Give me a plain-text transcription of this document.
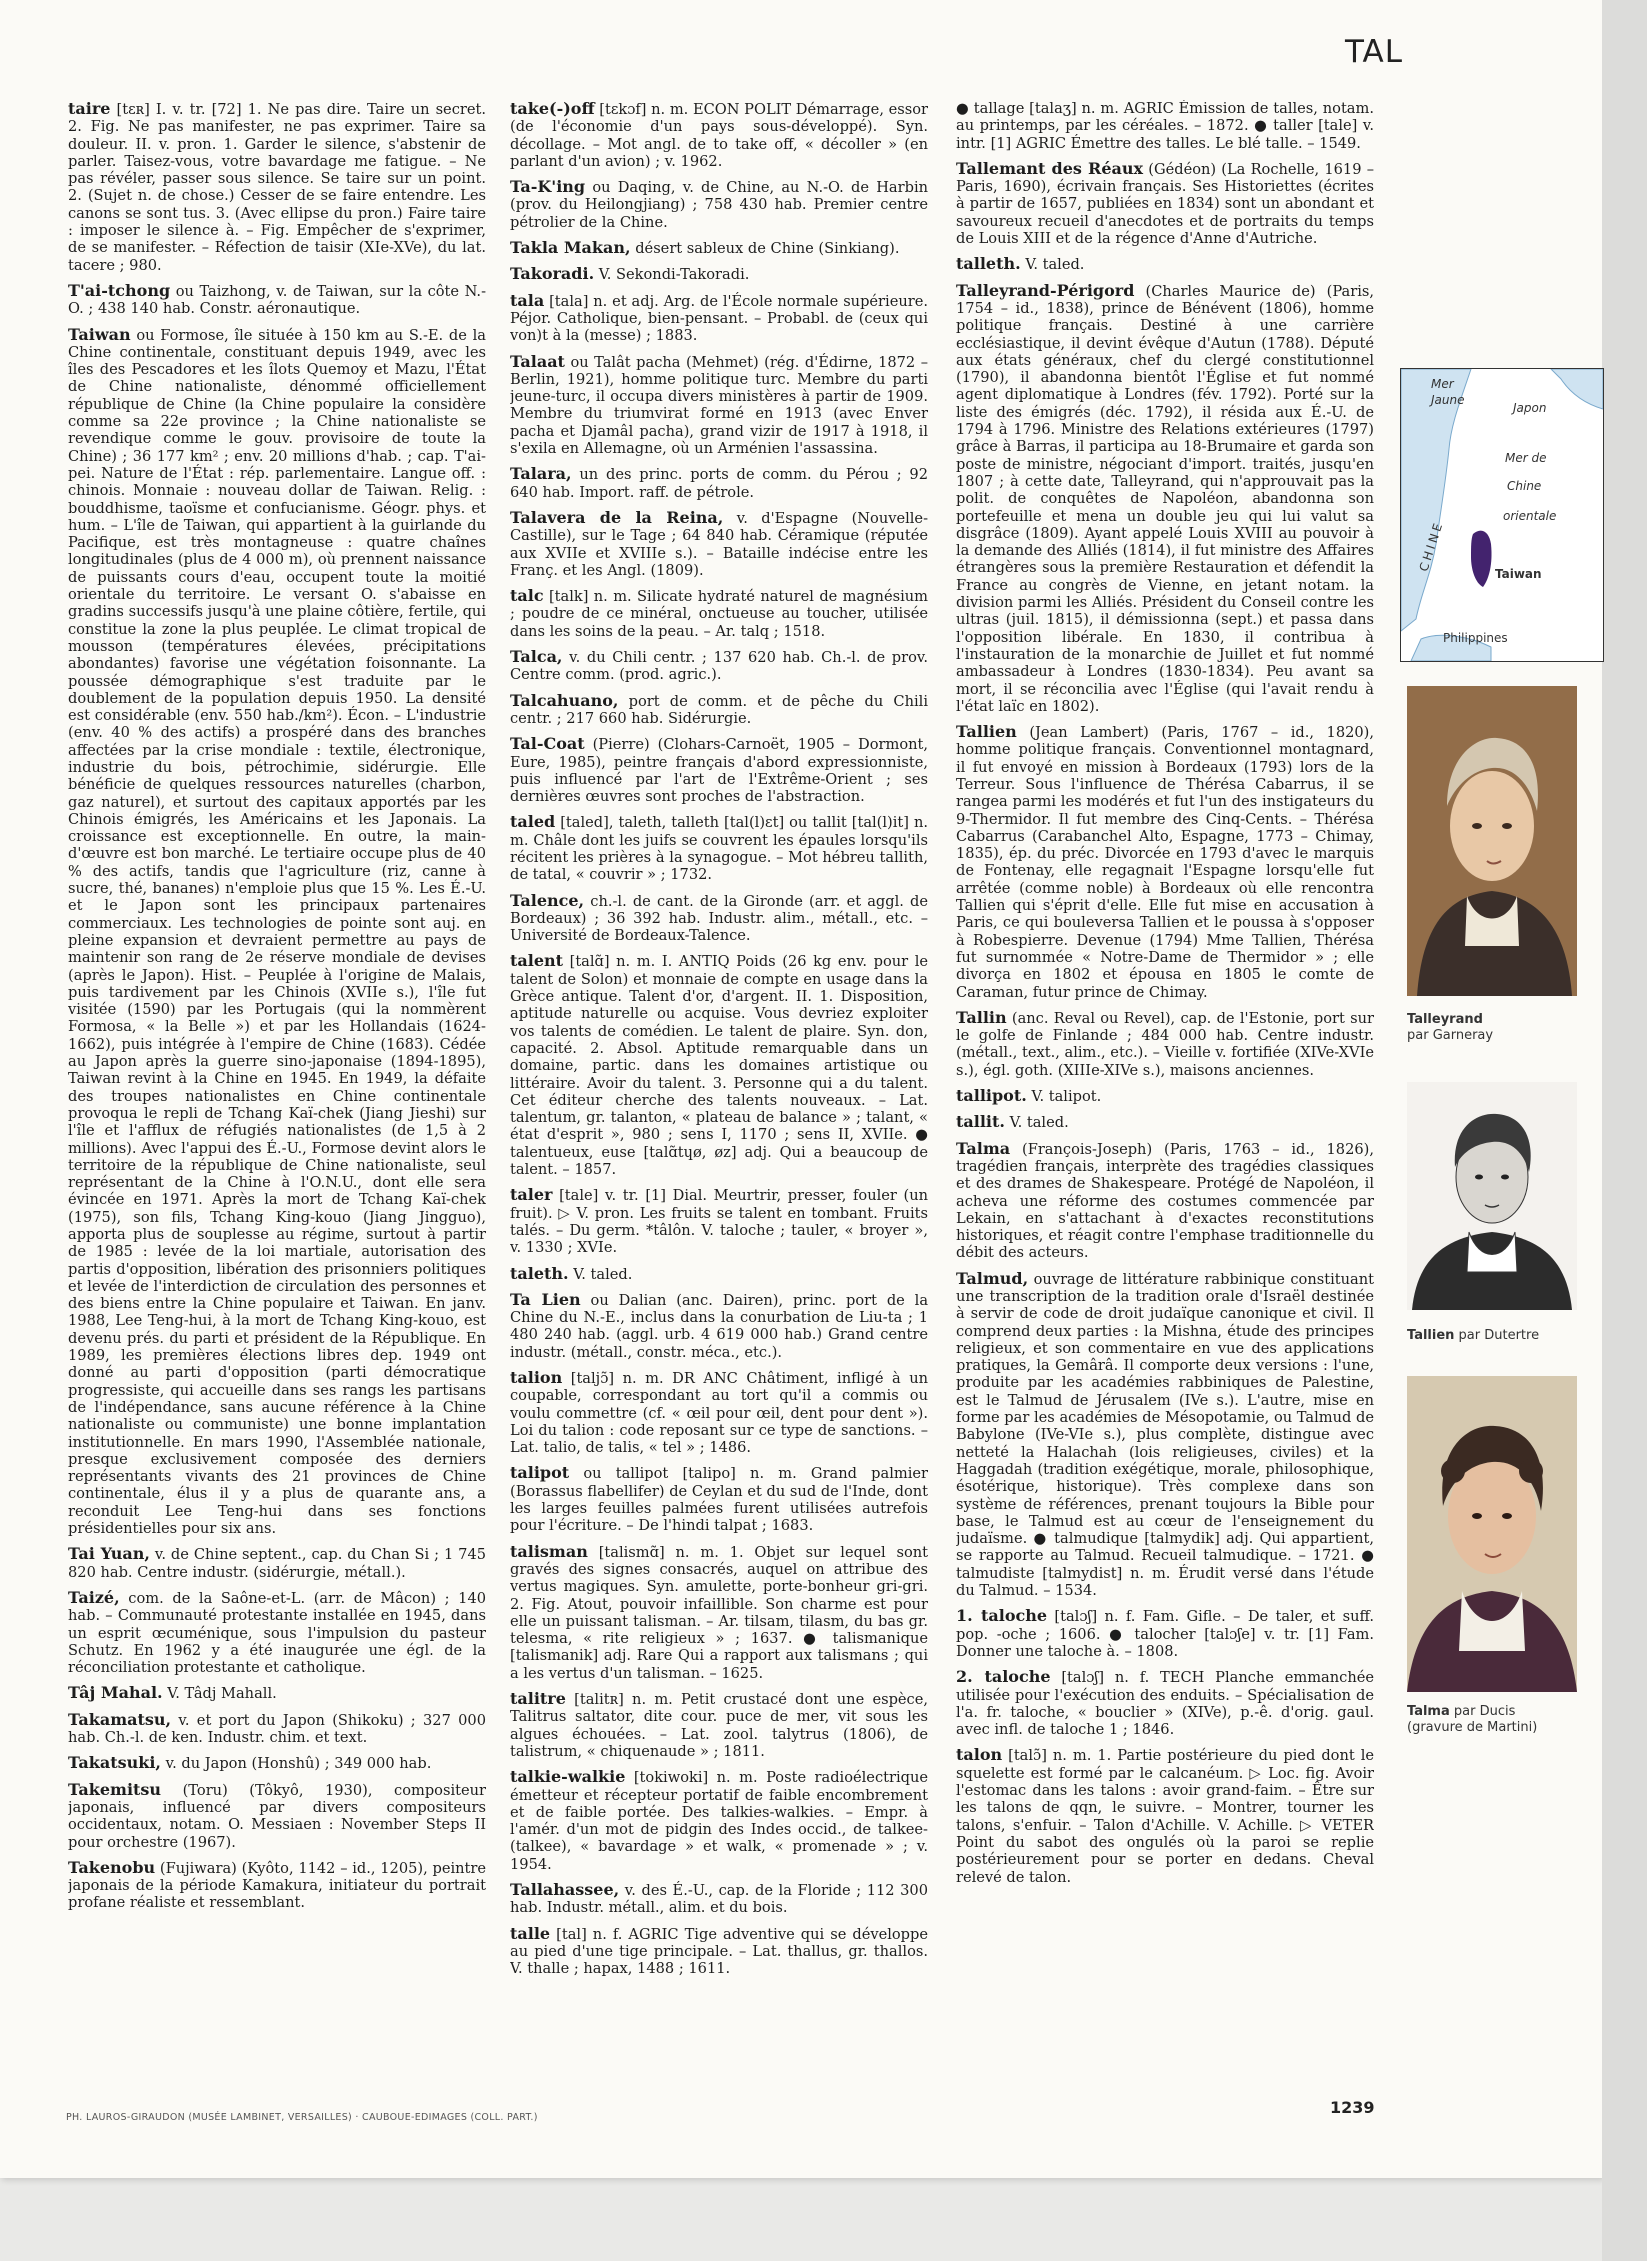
TAL

taire [tɛʀ] I. v. tr. [72] 1. Ne pas dire. Taire un secret. 2. Fig. Ne pas manifester, ne pas exprimer. Taire sa douleur. II. v. pron. 1. Garder le silence, s'abstenir de parler. Taisez-vous, votre bavardage me fatigue. – Ne pas révéler, passer sous silence. Se taire sur un point. 2. (Sujet n. de chose.) Cesser de se faire entendre. Les canons se sont tus. 3. (Avec ellipse du pron.) Faire taire : imposer le silence à. – Fig. Empêcher de s'exprimer, de se manifester. – Réfection de taisir (XIe-XVe), du lat. tacere ; 980.

T'ai-tchong ou Taizhong, v. de Taiwan, sur la côte N.-O. ; 438 140 hab. Constr. aéronautique.

Taiwan ou Formose, île située à 150 km au S.-E. de la Chine continentale, constituant depuis 1949, avec les îles des Pescadores et les îlots Quemoy et Mazu, l'État de Chine nationaliste, dénommé officiellement république de Chine (la Chine populaire la considère comme sa 22e province ; la Chine nationaliste se revendique comme le gouv. provisoire de toute la Chine) ; 36 177 km² ; env. 20 millions d'hab. ; cap. T'ai-pei. Nature de l'État : rép. parlementaire. Langue off. : chinois. Monnaie : nouveau dollar de Taiwan. Relig. : bouddhisme, taoïsme et confucianisme. Géogr. phys. et hum. – L'île de Taiwan, qui appartient à la guirlande du Pacifique, est très montagneuse : quatre chaînes longitudinales (plus de 4 000 m), où prennent naissance de puissants cours d'eau, occupent toute la moitié orientale du territoire. Le versant O. s'abaisse en gradins successifs jusqu'à une plaine côtière, fertile, qui constitue la zone la plus peuplée. Le climat tropical de mousson (températures élevées, précipitations abondantes) favorise une végétation foisonnante. La poussée démographique s'est traduite par le doublement de la population depuis 1950. La densité est considérable (env. 550 hab./km²). Écon. – L'industrie (env. 40 % des actifs) a prospéré dans des branches affectées par la crise mondiale : textile, électronique, industrie du bois, pétrochimie, sidérurgie. Elle bénéficie de quelques ressources naturelles (charbon, gaz naturel), et surtout des capitaux apportés par les Chinois émigrés, les Américains et les Japonais. La croissance est exceptionnelle. En outre, la main-d'œuvre est bon marché. Le tertiaire occupe plus de 40 % des actifs, tandis que l'agriculture (riz, canne à sucre, thé, bananes) n'emploie plus que 15 %. Les É.-U. et le Japon sont les principaux partenaires commerciaux. Les technologies de pointe sont auj. en pleine expansion et devraient permettre au pays de maintenir son rang de 2e réserve mondiale de devises (après le Japon). Hist. – Peuplée à l'origine de Malais, puis tardivement par les Chinois (XVIIe s.), l'île fut visitée (1590) par les Portugais (qui la nommèrent Formosa, « la Belle ») et par les Hollandais (1624-1662), puis intégrée à l'empire de Chine (1683). Cédée au Japon après la guerre sino-japonaise (1894-1895), Taiwan revint à la Chine en 1945. En 1949, la défaite des troupes nationalistes en Chine continentale provoqua le repli de Tchang Kaï-chek (Jiang Jieshi) sur l'île et l'afflux de réfugiés nationalistes (de 1,5 à 2 millions). Avec l'appui des É.-U., Formose devint alors le territoire de la république de Chine nationaliste, seul représentant de la Chine à l'O.N.U., dont elle sera évincée en 1971. Après la mort de Tchang Kaï-chek (1975), son fils, Tchang King-kouo (Jiang Jingguo), apporta plus de souplesse au régime, surtout à partir de 1985 : levée de la loi martiale, autorisation des partis d'opposition, libération des prisonniers politiques et levée de l'interdiction de circulation des personnes et des biens entre la Chine populaire et Taiwan. En janv. 1988, Lee Teng-hui, à la mort de Tchang King-kouo, est devenu prés. du parti et président de la République. En 1989, les premières élections libres dep. 1949 ont donné au parti d'opposition (parti démocratique progressiste, qui accueille dans ses rangs les partisans de l'indépendance, sans aucune référence à la Chine nationaliste ou communiste) une bonne implantation institutionnelle. En mars 1990, l'Assemblée nationale, presque exclusivement composée des derniers représentants vivants des 21 provinces de Chine continentale, élus il y a plus de quarante ans, a reconduit Lee Teng-hui dans ses fonctions présidentielles pour six ans.

Tai Yuan, v. de Chine septent., cap. du Chan Si ; 1 745 820 hab. Centre industr. (sidérurgie, métall.).

Taizé, com. de la Saône-et-L. (arr. de Mâcon) ; 140 hab. – Communauté protestante installée en 1945, dans un esprit œcuménique, sous l'impulsion du pasteur Schutz. En 1962 y a été inaugurée une égl. de la réconciliation protestante et catholique.

Tâj Mahal. V. Tâdj Mahall.

Takamatsu, v. et port du Japon (Shikoku) ; 327 000 hab. Ch.-l. de ken. Industr. chim. et text.

Takatsuki, v. du Japon (Honshû) ; 349 000 hab.

Takemitsu (Toru) (Tôkyô, 1930), compositeur japonais, influencé par divers compositeurs occidentaux, notam. O. Messiaen : November Steps II pour orchestre (1967).

Takenobu (Fujiwara) (Kyôto, 1142 – id., 1205), peintre japonais de la période Kamakura, initiateur du portrait profane réaliste et ressemblant.

take(-)off [tɛkɔf] n. m. ECON POLIT Démarrage, essor (de l'économie d'un pays sous-développé). Syn. décollage. – Mot angl. de to take off, « décoller » (en parlant d'un avion) ; v. 1962.

Ta-K'ing ou Daqing, v. de Chine, au N.-O. de Harbin (prov. du Heilongjiang) ; 758 430 hab. Premier centre pétrolier de la Chine.

Takla Makan, désert sableux de Chine (Sinkiang).

Takoradi. V. Sekondi-Takoradi.

tala [tala] n. et adj. Arg. de l'École normale supérieure. Péjor. Catholique, bien-pensant. – Probabl. de (ceux qui von)t à la (messe) ; 1883.

Talaat ou Talât pacha (Mehmet) (rég. d'Édirne, 1872 – Berlin, 1921), homme politique turc. Membre du parti jeune-turc, il occupa divers ministères à partir de 1909. Membre du triumvirat formé en 1913 (avec Enver pacha et Djamâl pacha), grand vizir de 1917 à 1918, il s'exila en Allemagne, où un Arménien l'assassina.

Talara, un des princ. ports de comm. du Pérou ; 92 640 hab. Import. raff. de pétrole.

Talavera de la Reina, v. d'Espagne (Nouvelle-Castille), sur le Tage ; 64 840 hab. Céramique (réputée aux XVIIe et XVIIIe s.). – Bataille indécise entre les Franç. et les Angl. (1809).

talc [talk] n. m. Silicate hydraté naturel de magnésium ; poudre de ce minéral, onctueuse au toucher, utilisée dans les soins de la peau. – Ar. talq ; 1518.

Talca, v. du Chili centr. ; 137 620 hab. Ch.-l. de prov. Centre comm. (prod. agric.).

Talcahuano, port de comm. et de pêche du Chili centr. ; 217 660 hab. Sidérurgie.

Tal-Coat (Pierre) (Clohars-Carnoët, 1905 – Dormont, Eure, 1985), peintre français d'abord expressionniste, puis influencé par l'art de l'Extrême-Orient ; ses dernières œuvres sont proches de l'abstraction.

taled [taled], taleth, talleth [tal(l)ɛt] ou tallit [tal(l)it] n. m. Châle dont les juifs se couvrent les épaules lorsqu'ils récitent les prières à la synagogue. – Mot hébreu tallith, de tatal, « couvrir » ; 1732.

Talence, ch.-l. de cant. de la Gironde (arr. et aggl. de Bordeaux) ; 36 392 hab. Industr. alim., métall., etc. – Université de Bordeaux-Talence.

talent [talɑ̃] n. m. I. ANTIQ Poids (26 kg env. pour le talent de Solon) et monnaie de compte en usage dans la Grèce antique. Talent d'or, d'argent. II. 1. Disposition, aptitude naturelle ou acquise. Vous devriez exploiter vos talents de comédien. Le talent de plaire. Syn. don, capacité. 2. Absol. Aptitude remarquable dans un domaine, partic. dans les domaines artistique ou littéraire. Avoir du talent. 3. Personne qui a du talent. Cet éditeur cherche des talents nouveaux. – Lat. talentum, gr. talanton, « plateau de balance » ; talant, « état d'esprit », 980 ; sens I, 1170 ; sens II, XVIIe. ● talentueux, euse [talɑ̃tɥø, øz] adj. Qui a beaucoup de talent. – 1857.

taler [tale] v. tr. [1] Dial. Meurtrir, presser, fouler (un fruit). ▷ V. pron. Les fruits se talent en tombant. Fruits talés. – Du germ. *tâlôn. V. taloche ; tauler, « broyer », v. 1330 ; XVIe.

taleth. V. taled.

Ta Lien ou Dalian (anc. Dairen), princ. port de la Chine du N.-E., inclus dans la conurbation de Liu-ta ; 1 480 240 hab. (aggl. urb. 4 619 000 hab.) Grand centre industr. (métall., constr. méca., etc.).

talion [taljɔ̃] n. m. DR ANC Châtiment, infligé à un coupable, correspondant au tort qu'il a commis ou voulu commettre (cf. « œil pour œil, dent pour dent »). Loi du talion : code reposant sur ce type de sanctions. – Lat. talio, de talis, « tel » ; 1486.

talipot ou tallipot [talipo] n. m. Grand palmier (Borassus flabellifer) de Ceylan et du sud de l'Inde, dont les larges feuilles palmées furent utilisées autrefois pour l'écriture. – De l'hindi talpat ; 1683.

talisman [talismɑ̃] n. m. 1. Objet sur lequel sont gravés des signes consacrés, auquel on attribue des vertus magiques. Syn. amulette, porte-bonheur gri-gri. 2. Fig. Atout, pouvoir infaillible. Son charme est pour elle un puissant talisman. – Ar. tilsam, tilasm, du bas gr. telesma, « rite religieux » ; 1637. ● talismanique [talismanik] adj. Rare Qui a rapport aux talismans ; qui a les vertus d'un talisman. – 1625.

talitre [talitʀ] n. m. Petit crustacé dont une espèce, Talitrus saltator, dite cour. puce de mer, vit sous les algues échouées. – Lat. zool. talytrus (1806), de talistrum, « chiquenaude » ; 1811.

talkie-walkie [tokiwoki] n. m. Poste radioélectrique émetteur et récepteur portatif de faible encombrement et de faible portée. Des talkies-walkies. – Empr. à l'amér. d'un mot de pidgin des Indes occid., de talkee-(talkee), « bavardage » et walk, « promenade » ; v. 1954.

Tallahassee, v. des É.-U., cap. de la Floride ; 112 300 hab. Industr. métall., alim. et du bois.

talle [tal] n. f. AGRIC Tige adventive qui se développe au pied d'une tige principale. – Lat. thallus, gr. thallos. V. thalle ; hapax, 1488 ; 1611.

● tallage [talaʒ] n. m. AGRIC Émission de talles, notam. au printemps, par les céréales. – 1872. ● taller [tale] v. intr. [1] AGRIC Émettre des talles. Le blé talle. – 1549.

Tallemant des Réaux (Gédéon) (La Rochelle, 1619 – Paris, 1690), écrivain français. Ses Historiettes (écrites à partir de 1657, publiées en 1834) sont un abondant et savoureux recueil d'anecdotes et de portraits du temps de Louis XIII et de la régence d'Anne d'Autriche.

talleth. V. taled.

Talleyrand-Périgord (Charles Maurice de) (Paris, 1754 – id., 1838), prince de Bénévent (1806), homme politique français. Destiné à une carrière ecclésiastique, il devint évêque d'Autun (1788). Député aux états généraux, chef du clergé constitutionnel (1790), il abandonna bientôt l'Église et fut nommé agent diplomatique à Londres (fév. 1792). Porté sur la liste des émigrés (déc. 1792), il résida aux É.-U. de 1794 à 1796. Ministre des Relations extérieures (1797) grâce à Barras, il participa au 18-Brumaire et garda son poste de ministre, négociant d'import. traités, jusqu'en 1807 ; à cette date, Talleyrand, qui n'approuvait pas la polit. de conquêtes de Napoléon, abandonna son portefeuille et mena un double jeu qui lui valut sa disgrâce (1809). Ayant appelé Louis XVIII au pouvoir à la demande des Alliés (1814), il fut ministre des Affaires étrangères sous la première Restauration et défendit la France au congrès de Vienne, en jetant notam. la division parmi les Alliés. Président du Conseil contre les ultras (juil. 1815), il démissionna (sept.) et passa dans l'opposition libérale. En 1830, il contribua à l'instauration de la monarchie de Juillet et fut nommé ambassadeur à Londres (1830-1834). Peu avant sa mort, il se réconcilia avec l'Église (qui l'avait rendu à l'état laïc en 1802).

Tallien (Jean Lambert) (Paris, 1767 – id., 1820), homme politique français. Conventionnel montagnard, il fut envoyé en mission à Bordeaux (1793) lors de la Terreur. Sous l'influence de Thérésa Cabarrus, il se rangea parmi les modérés et fut l'un des instigateurs du 9-Thermidor. Il fut membre des Cinq-Cents. – Thérésa Cabarrus (Carabanchel Alto, Espagne, 1773 – Chimay, 1835), ép. du préc. Divorcée en 1793 d'avec le marquis de Fontenay, elle regagnait l'Espagne lorsqu'elle fut arrêtée (comme noble) à Bordeaux où elle rencontra Tallien qui s'éprit d'elle. Elle fut mise en accusation à Paris, ce qui bouleversa Tallien et le poussa à s'opposer à Robespierre. Devenue (1794) Mme Tallien, Thérésa fut surnommée « Notre-Dame de Thermidor » ; elle divorça en 1802 et épousa en 1805 le comte de Caraman, futur prince de Chimay.

Tallin (anc. Reval ou Revel), cap. de l'Estonie, port sur le golfe de Finlande ; 484 000 hab. Centre industr. (métall., text., alim., etc.). – Vieille v. fortifiée (XIVe-XVIe s.), égl. goth. (XIIIe-XIVe s.), maisons anciennes.

tallipot. V. talipot.

tallit. V. taled.

Talma (François-Joseph) (Paris, 1763 – id., 1826), tragédien français, interprète des tragédies classiques et des drames de Shakespeare. Protégé de Napoléon, il acheva une réforme des costumes commencée par Lekain, en s'attachant à d'exactes reconstitutions historiques, et réagit contre l'emphase traditionnelle du débit des acteurs.

Talmud, ouvrage de littérature rabbinique constituant une transcription de la tradition orale d'Israël destinée à servir de code de droit judaïque canonique et civil. Il comprend deux parties : la Mishna, étude des principes religieux, et son commentaire en vue des applications pratiques, la Gemârâ. Il comporte deux versions : l'une, produite par les académies rabbiniques de Palestine, est le Talmud de Jérusalem (IVe s.). L'autre, mise en forme par les académies de Mésopotamie, ou Talmud de Babylone (IVe-VIe s.), plus complète, distingue avec netteté la Halachah (lois religieuses, civiles) et la Haggadah (tradition exégétique, morale, philosophique, ésotérique, historique). Très complexe dans son système de références, prenant toujours la Bible pour base, le Talmud est au cœur de l'enseignement du judaïsme. ● talmudique [talmydik] adj. Qui appartient, se rapporte au Talmud. Recueil talmudique. – 1721. ● talmudiste [talmydist] n. m. Érudit versé dans l'étude du Talmud. – 1534.

1. taloche [talɔʃ] n. f. Fam. Gifle. – De taler, et suff. pop. -oche ; 1606. ● talocher [talɔʃe] v. tr. [1] Fam. Donner une taloche à. – 1808.

2. taloche [talɔʃ] n. f. TECH Planche emmanchée utilisée pour l'exécution des enduits. – Spécialisation de l'a. fr. taloche, « bouclier » (XIVe), p.-ê. d'orig. gaul. avec infl. de taloche 1 ; 1846.

talon [talɔ̃] n. m. 1. Partie postérieure du pied dont le squelette est formé par le calcanéum. ▷ Loc. fig. Avoir l'estomac dans les talons : avoir grand-faim. – Être sur les talons de qqn, le suivre. – Montrer, tourner les talons, s'enfuir. – Talon d'Achille. V. Achille. ▷ VETER Point du sabot des ongulés où la paroi se replie postérieurement pour se porter en dedans. Cheval relevé de talon.

Mer
Jaune
Japon
Mer de
Chine
orientale
CHINE
Taiwan
Philippines
Talleyrand
par Garneray
Tallien par Dutertre
Talma par Ducis
(gravure de Martini)
PH. LAUROS-GIRAUDON (MUSÉE LAMBINET, VERSAILLES) · CAUBOUE-EDIMAGES (COLL. PART.)
1239
